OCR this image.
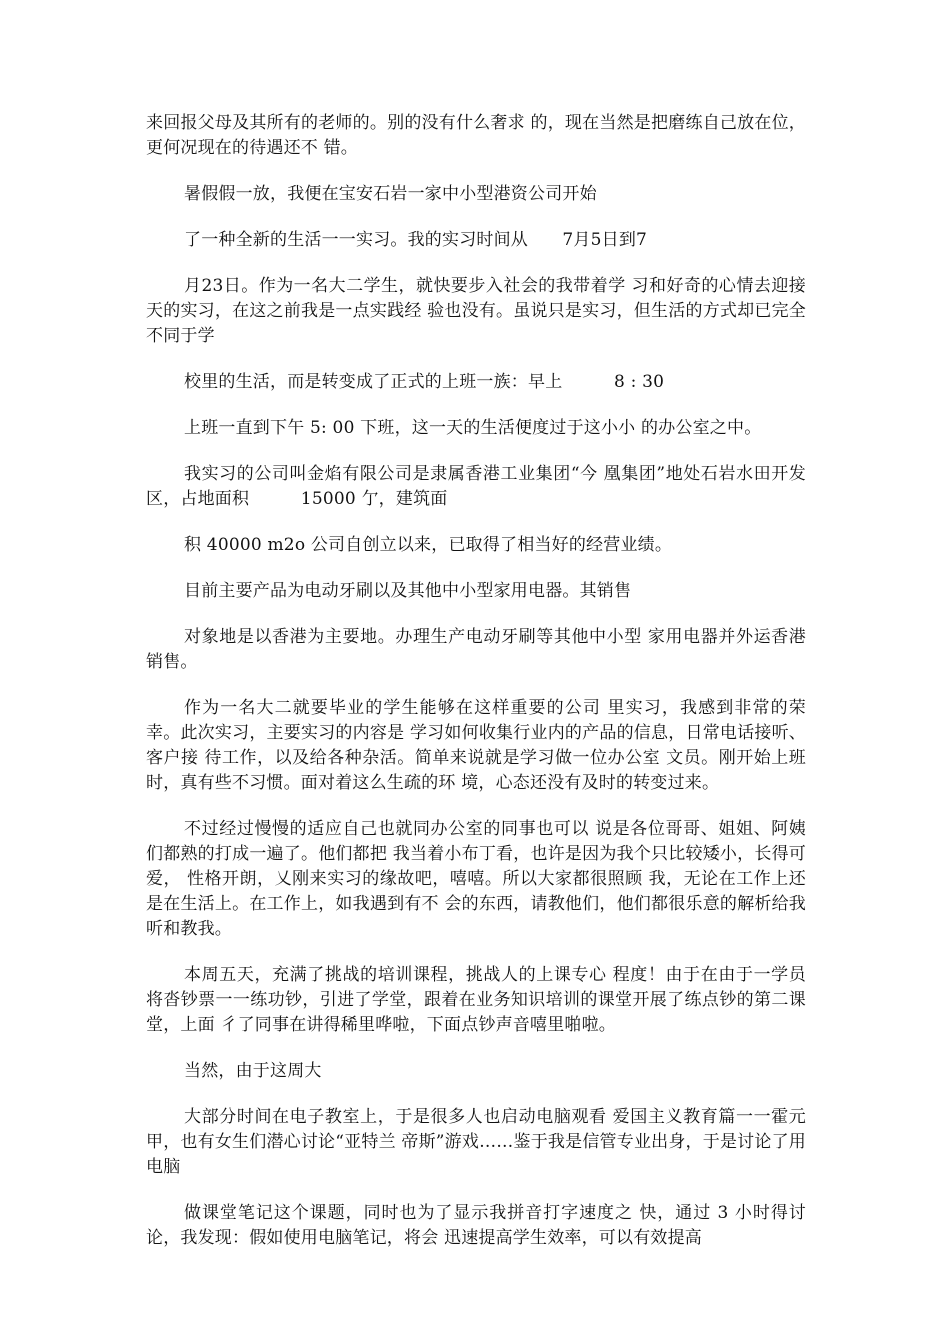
来回报父母及其所有的老师的。别的没有什么奢求 的，现在当然是把磨练自己放在位，更何况现在的待遇还不 错。

暑假假一放，我便在宝安石岩一家中小型港资公司开始

了一种全新的生活一一实习。我的实习时间从　　7月5日到7

月23日。作为一名大二学生，就快要步入社会的我带着学 习和好奇的心情去迎接天的实习，在这之前我是一点实践经 验也没有。虽说只是实习，但生活的方式却已完全不同于学

校里的生活，而是转变成了正式的上班一族：早上　　　8 : 30

上班一直到下午 5: 00 下班，这一天的生活便度过于这小小 的办公室之中。

我实习的公司叫金焰有限公司是隶属香港工业集团“今 凰集团”地处石岩水田开发区，占地面积　　　15000 亇，建筑面

积 40000 m2o 公司自创立以来，已取得了相当好的经营业绩。

目前主要产品为电动牙刷以及其他中小型家用电器。其销售

对象地是以香港为主要地。办理生产电动牙刷等其他中小型 家用电器并外运香港销售。

作为一名大二就要毕业的学生能够在这样重要的公司 里实习，我感到非常的荣幸。此次实习，主要实习的内容是 学习如何收集行业内的产品的信息，日常电话接听、客户接 待工作，以及给各种杂活。简单来说就是学习做一位办公室 文员。刚开始上班时，真有些不习惯。面对着这么生疏的环 境，心态还没有及时的转变过来。

不过经过慢慢的适应自己也就同办公室的同事也可以 说是各位哥哥、姐姐、阿姨们都熟的打成一遍了。他们都把 我当着小布丁看，也许是因为我个只比较矮小，长得可爱， 性格开朗，乂刚来实习的缘故吧，嘻嘻。所以大家都很照顾 我，无论在工作上还是在生活上。在工作上，如我遇到有不 会的东西，请教他们，他们都很乐意的解析给我听和教我。

本周五天，充满了挑战的培训课程，挑战人的上课专心 程度！由于在由于一学员将沓钞票一一练功钞，引进了学堂，跟着在业务知识培训的课堂开展了练点钞的第二课堂，上面 彳了同事在讲得稀里哗啦，下面点钞声音嘻里啪啦。

当然，由于这周大

大部分时间在电子教室上，于是很多人也启动电脑观看 爱国主义教育篇一一霍元甲，也有女生们潜心讨论“亚特兰 帝斯”游戏……鉴于我是信管专业出身，于是讨论了用电脑

做课堂笔记这个课题，同时也为了显示我拼音打字速度之 快，通过 3 小时得讨论，我发现：假如使用电脑笔记，将会 迅速提高学生效率，可以有效提高
